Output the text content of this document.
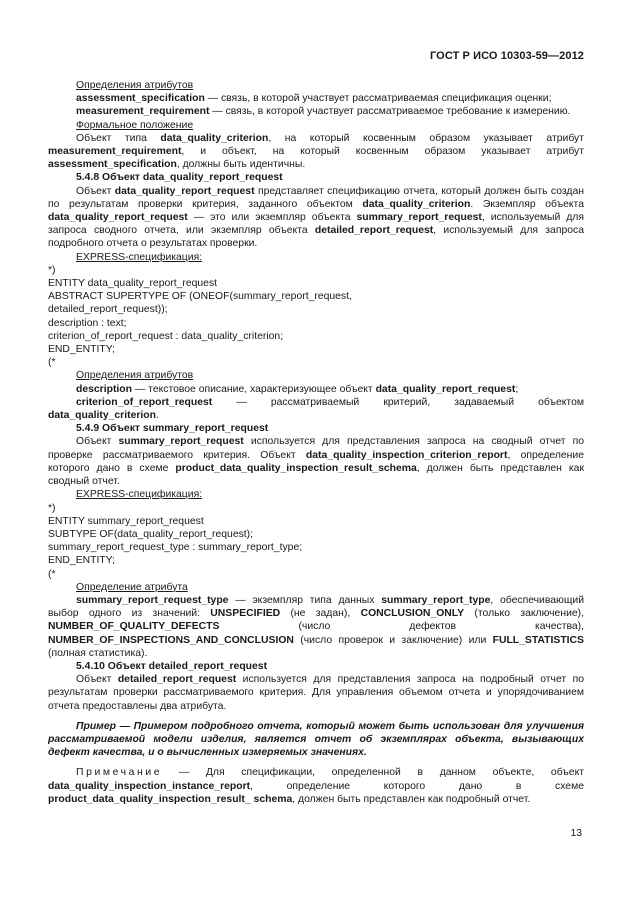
ГОСТ Р ИСО 10303-59—2012

Определения атрибутов

assessment_specification — связь, в которой участвует рассматриваемая спецификация оценки;

measurement_requirement — связь, в которой участвует рассматриваемое требование к измерению.

Формальное положение

Объект типа data_quality_criterion, на который косвенным образом указывает атрибут measurement_requirement, и объект, на который косвенным образом указывает атрибут assessment_specification, должны быть идентичны.

5.4.8 Объект data_quality_report_request

Объект data_quality_report_request представляет спецификацию отчета, который должен быть создан по результатам проверки критерия, заданного объектом data_quality_criterion. Экземпляр объекта data_quality_report_request — это или экземпляр объекта summary_report_request, используемый для запроса сводного отчета, или экземпляр объекта detailed_report_request, используемый для запроса подробного отчета о результатах проверки.

EXPRESS-спецификация:

*)

ENTITY data_quality_report_request

ABSTRACT SUPERTYPE OF (ONEOF(summary_report_request,

detailed_report_request));

description : text;

criterion_of_report_request : data_quality_criterion;

END_ENTITY;

(*

Определения атрибутов

description — текстовое описание, характеризующее объект data_quality_report_request;

criterion_of_report_request — рассматриваемый критерий, задаваемый объектом data_quality_criterion.

5.4.9 Объект summary_report_request

Объект summary_report_request используется для представления запроса на сводный отчет по проверке рассматриваемого критерия. Объект data_quality_inspection_criterion_report, определение которого дано в схеме product_data_quality_inspection_result_schema, должен быть представлен как сводный отчет.

EXPRESS-спецификация:

*)

ENTITY summary_report_request

SUBTYPE OF(data_quality_report_request);

summary_report_request_type : summary_report_type;

END_ENTITY;

(*

Определение атрибута

summary_report_request_type — экземпляр типа данных summary_report_type, обеспечивающий выбор одного из значений: UNSPECIFIED (не задан), CONCLUSION_ONLY (только заключение), NUMBER_OF_QUALITY_DEFECTS (число дефектов качества), NUMBER_OF_INSPECTIONS_AND_CONCLUSION (число проверок и заключение) или FULL_STATISTICS (полная статистика).

5.4.10 Объект detailed_report_request

Объект detailed_report_request используется для представления запроса на подробный отчет по результатам проверки рассматриваемого критерия. Для управления объемом отчета и упорядочиванием отчета предоставлены два атрибута.

Пример — Примером подробного отчета, который может быть использован для улучшения рассматриваемой модели изделия, является отчет об экземплярах объекта, вызывающих дефект качества, и о вычисленных измеряемых значениях.

Примечание — Для спецификации, определенной в данном объекте, объект data_quality_inspection_instance_report, определение которого дано в схеме product_data_quality_inspection_result_ schema, должен быть представлен как подробный отчет.

13
